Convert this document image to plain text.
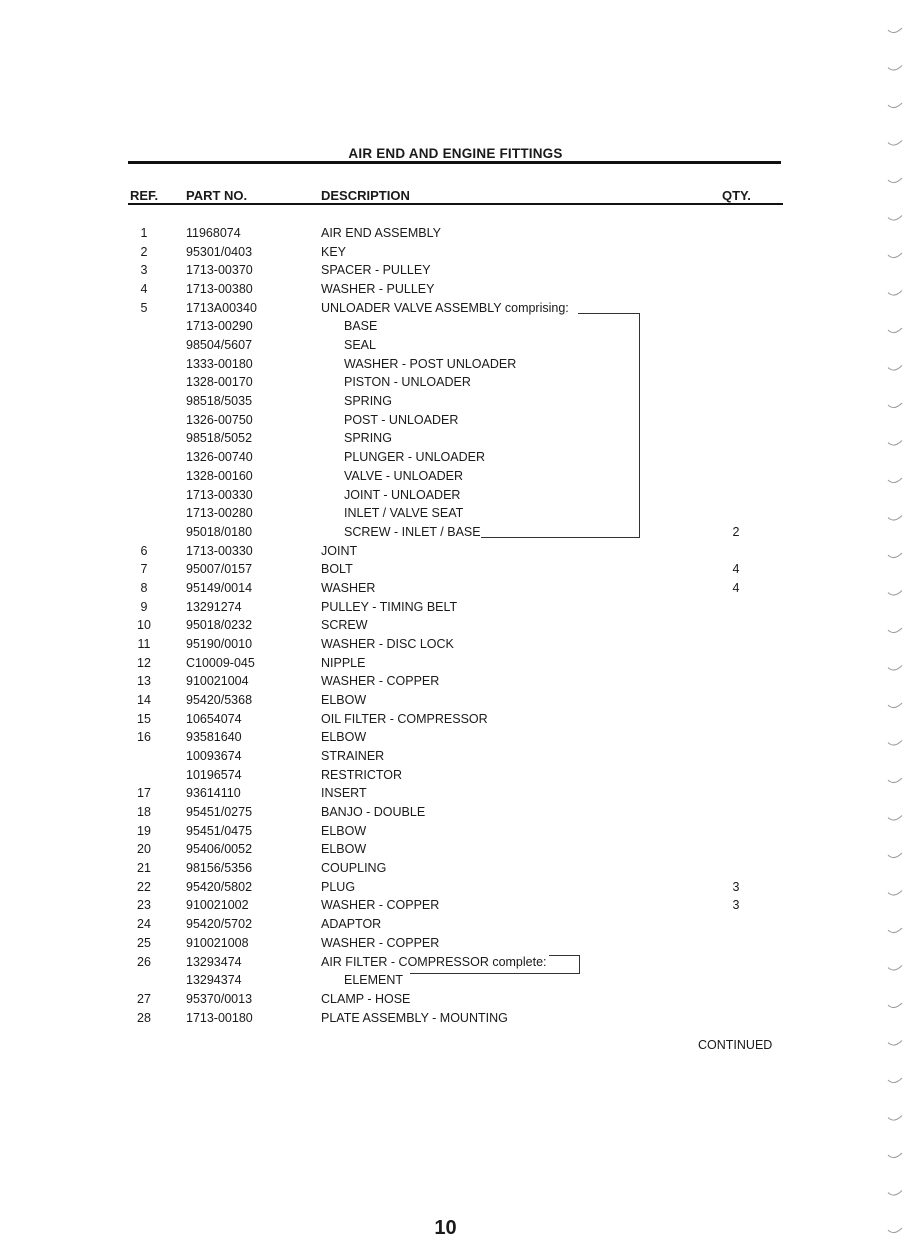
AIR END AND ENGINE FITTINGS
REF. PART NO.	DESCRIPTION	QTY.
1	11968074	AIR END ASSEMBLY
2	95301/0403	KEY
3	1713-00370	SPACER - PULLEY
4	1713-00380	WASHER - PULLEY
5	1713A00340	UNLOADER VALVE ASSEMBLY comprising:
1713-00290	BASE
98504/5607	SEAL
1333-00180	WASHER - POST UNLOADER
1328-00170	PISTON - UNLOADER
98518/5035	SPRING
1326-00750	POST - UNLOADER
98518/5052	SPRING
1326-00740	PLUNGER - UNLOADER
1328-00160	VALVE - UNLOADER
1713-00330	JOINT - UNLOADER
1713-00280	INLET / VALVE SEAT
95018/0180	SCREW - INLET / BASE	2
6	1713-00330	JOINT
7	95007/0157	BOLT	4
8	95149/0014	WASHER	4
9	13291274	PULLEY - TIMING BELT
10	95018/0232	SCREW
11	95190/0010	WASHER - DISC LOCK
12	C10009-045	NIPPLE
13	910021004	WASHER - COPPER
14	95420/5368	ELBOW
15	10654074	OIL FILTER - COMPRESSOR
16	93581640	ELBOW
10093674	STRAINER
10196574	RESTRICTOR
17	93614110	INSERT
18	95451/0275	BANJO - DOUBLE
19	95451/0475	ELBOW
20	95406/0052	ELBOW
21	98156/5356	COUPLING
22	95420/5802	PLUG	3
23	910021002	WASHER - COPPER	3
24	95420/5702	ADAPTOR
25	910021008	WASHER - COPPER
26	13293474	AIR FILTER - COMPRESSOR complete:
13294374	ELEMENT
27	95370/0013	CLAMP - HOSE
28	1713-00180	PLATE ASSEMBLY - MOUNTING
CONTINUED
10
